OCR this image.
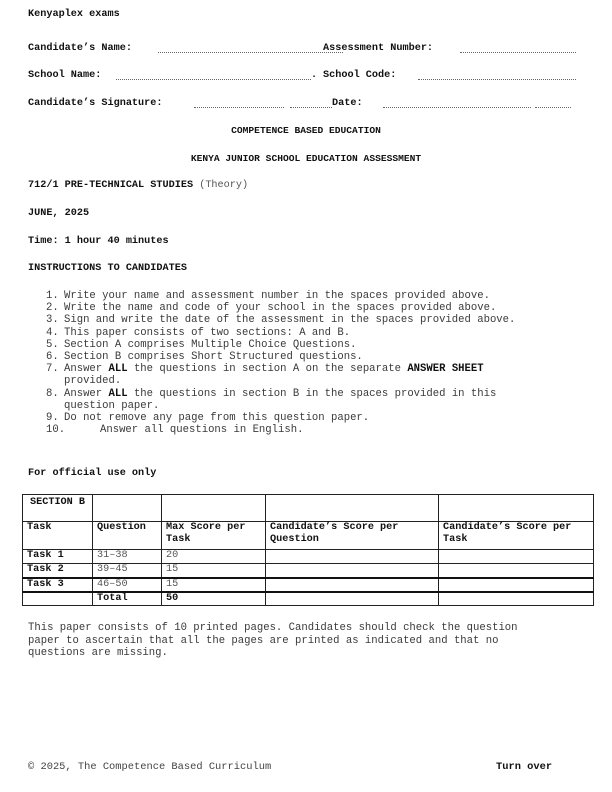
Kenyaplex exams
Candidate’s Name:	Assessment Number:
School Name:	. School Code:
Candidate’s Signature:	Date:
COMPETENCE BASED EDUCATION
KENYA JUNIOR SCHOOL EDUCATION ASSESSMENT
712/1 PRE-TECHNICAL STUDIES (Theory)
JUNE, 2025
Time: 1 hour 40 minutes
INSTRUCTIONS TO CANDIDATES
1. Write your name and assessment number in the spaces provided above.
2. Write the name and code of your school in the spaces provided above.
3. Sign and write the date of the assessment in the spaces provided above.
4. This paper consists of two sections: A and B.
5. Section A comprises Multiple Choice Questions.
6. Section B comprises Short Structured questions.
7. Answer ALL the questions in section A on the separate ANSWER SHEET
provided.
8. Answer ALL the questions in section B in the spaces provided in this
question paper.
9. Do not remove any page from this question paper.
10.	Answer all questions in English.
For official use only
SECTION B				
Task	Question	Max Score per Task	Candidate’s Score per Question	Candidate’s Score per Task
Task 1	31–38	20		
Task 2	39–45	15		
Task 3	46–50	15		
	Total	50		
This paper consists of 10 printed pages. Candidates should check the question
paper to ascertain that all the pages are printed as indicated and that no
questions are missing.
© 2025, The Competence Based Curriculum	Turn over
